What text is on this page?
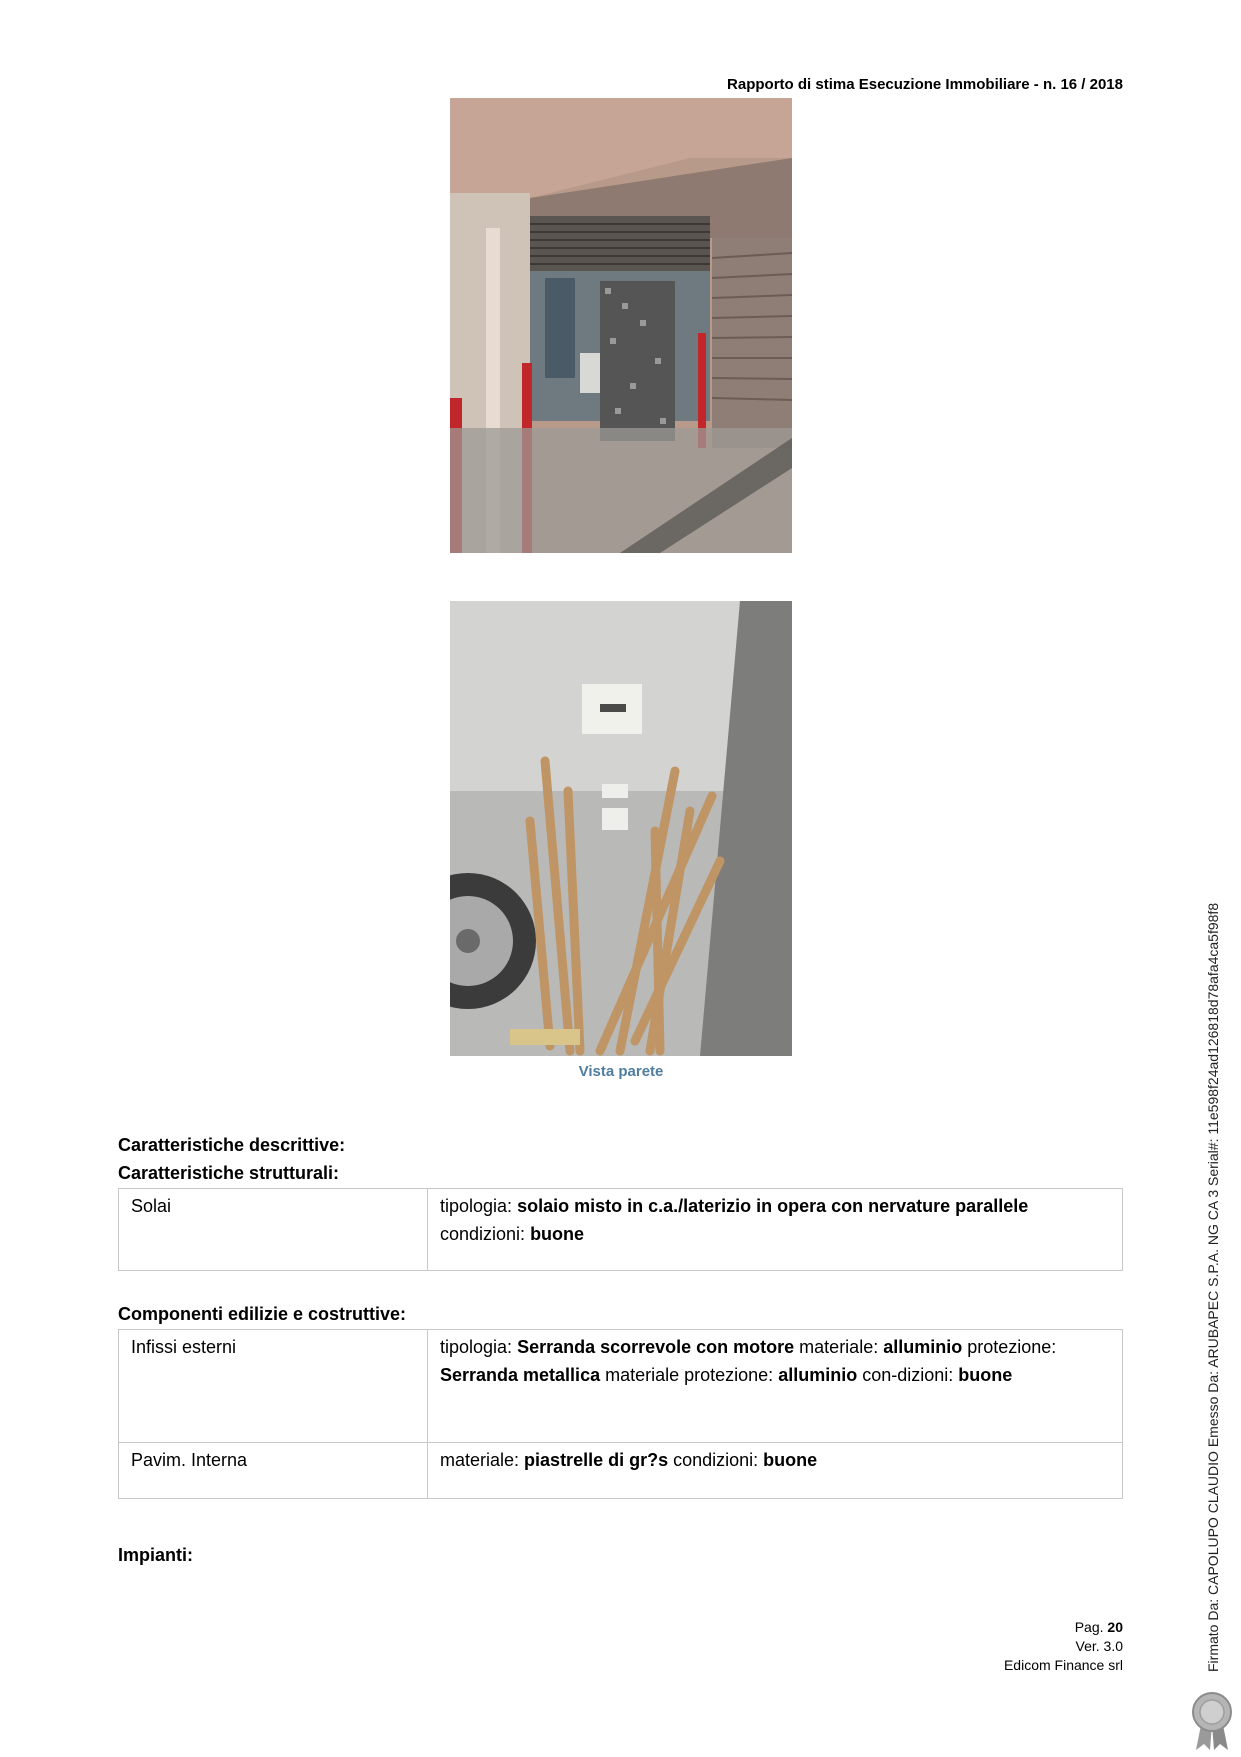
Rapporto di stima Esecuzione Immobiliare - n. 16 / 2018
Vista parete
Caratteristiche descrittive:
Caratteristiche strutturali:
Solai	tipologia: solaio misto in c.a./laterizio in opera con nervature parallele
condizioni: buone
Componenti edilizie e costruttive:
Infissi esterni	tipologia: Serranda scorrevole con motore materiale: alluminio protezione: Serranda metallica materiale protezione: alluminio con-dizioni: buone
Pavim. Interna	materiale: piastrelle di gr?s condizioni: buone
Impianti:
Pag. 20
Ver. 3.0
Edicom Finance srl	Firmato Da: CAPOLUPO CLAUDIO Emesso Da: ARUBAPEC S.P.A. NG CA 3 Serial#: 11e598f24ad126818d78afa4ca5f98f8
